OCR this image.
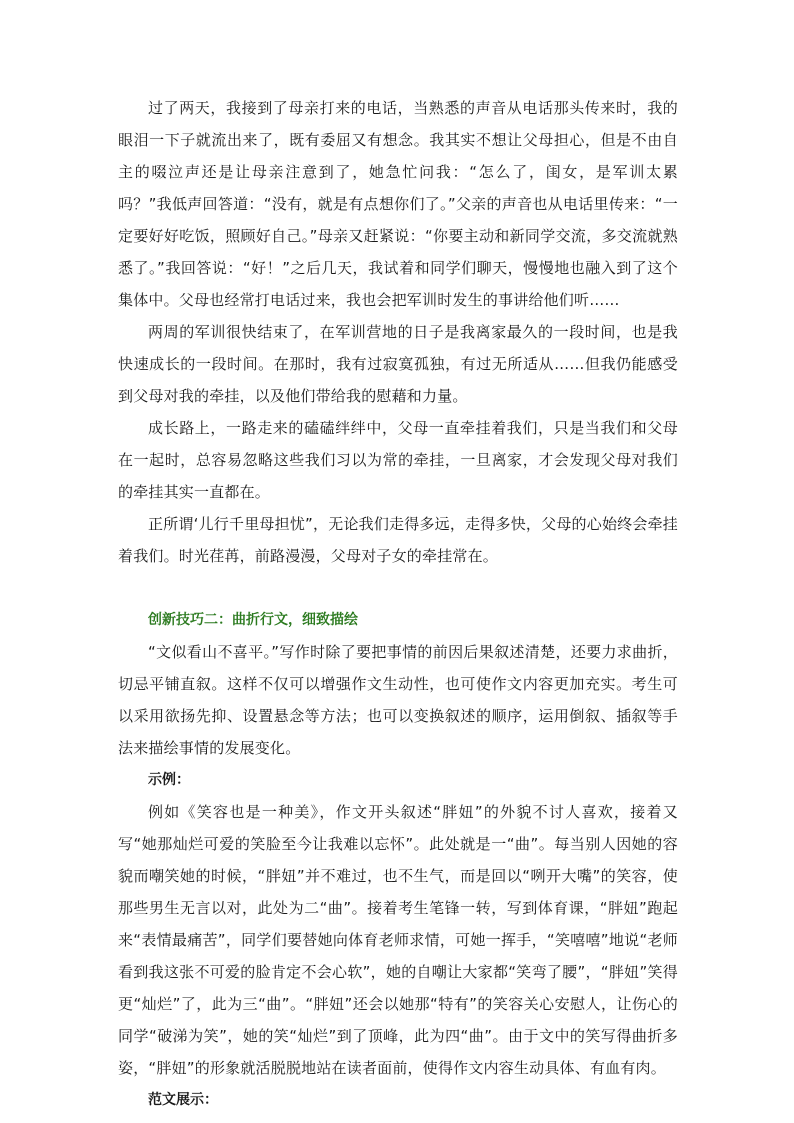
过了两天，我接到了母亲打来的电话，当熟悉的声音从电话那头传来时，我的眼泪一下子就流出来了，既有委屈又有想念。我其实不想让父母担心，但是不由自主的啜泣声还是让母亲注意到了，她急忙问我：“怎么了，闺女，是军训太累吗？”我低声回答道：“没有，就是有点想你们了。”父亲的声音也从电话里传来：“一定要好好吃饭，照顾好自己。”母亲又赶紧说：“你要主动和新同学交流，多交流就熟悉了。”我回答说：“好！”之后几天，我试着和同学们聊天，慢慢地也融入到了这个集体中。父母也经常打电话过来，我也会把军训时发生的事讲给他们听……

两周的军训很快结束了，在军训营地的日子是我离家最久的一段时间，也是我快速成长的一段时间。在那时，我有过寂寞孤独，有过无所适从……但我仍能感受到父母对我的牵挂，以及他们带给我的慰藉和力量。

成长路上，一路走来的磕磕绊绊中，父母一直牵挂着我们，只是当我们和父母在一起时，总容易忽略这些我们习以为常的牵挂，一旦离家，才会发现父母对我们的牵挂其实一直都在。

正所谓‘儿行千里母担忧”，无论我们走得多远，走得多快，父母的心始终会牵挂着我们。时光荏苒，前路漫漫，父母对子女的牵挂常在。

创新技巧二：曲折行文，细致描绘

“文似看山不喜平。”写作时除了要把事情的前因后果叙述清楚，还要力求曲折，切忌平铺直叙。这样不仅可以增强作文生动性，也可使作文内容更加充实。考生可以采用欲扬先抑、设置悬念等方法；也可以变换叙述的顺序，运用倒叙、插叙等手法来描绘事情的发展变化。

示例：

例如《笑容也是一种美》，作文开头叙述“胖妞”的外貌不讨人喜欢，接着又写“她那灿烂可爱的笑脸至今让我难以忘怀”。此处就是一“曲”。每当别人因她的容貌而嘲笑她的时候，“胖妞”并不难过，也不生气，而是回以“咧开大嘴”的笑容，使那些男生无言以对，此处为二“曲”。接着考生笔锋一转，写到体育课，“胖妞”跑起来“表情最痛苦”，同学们要替她向体育老师求情，可她一挥手，“笑嘻嘻”地说“老师看到我这张不可爱的脸肯定不会心软”，她的自嘲让大家都“笑弯了腰”，“胖妞”笑得更“灿烂”了，此为三“曲”。“胖妞”还会以她那“特有”的笑容关心安慰人，让伤心的同学“破涕为笑”，她的笑“灿烂”到了顶峰，此为四“曲”。由于文中的笑写得曲折多姿，“胖妞”的形象就活脱脱地站在读者面前，使得作文内容生动具体、有血有肉。

范文展示：
